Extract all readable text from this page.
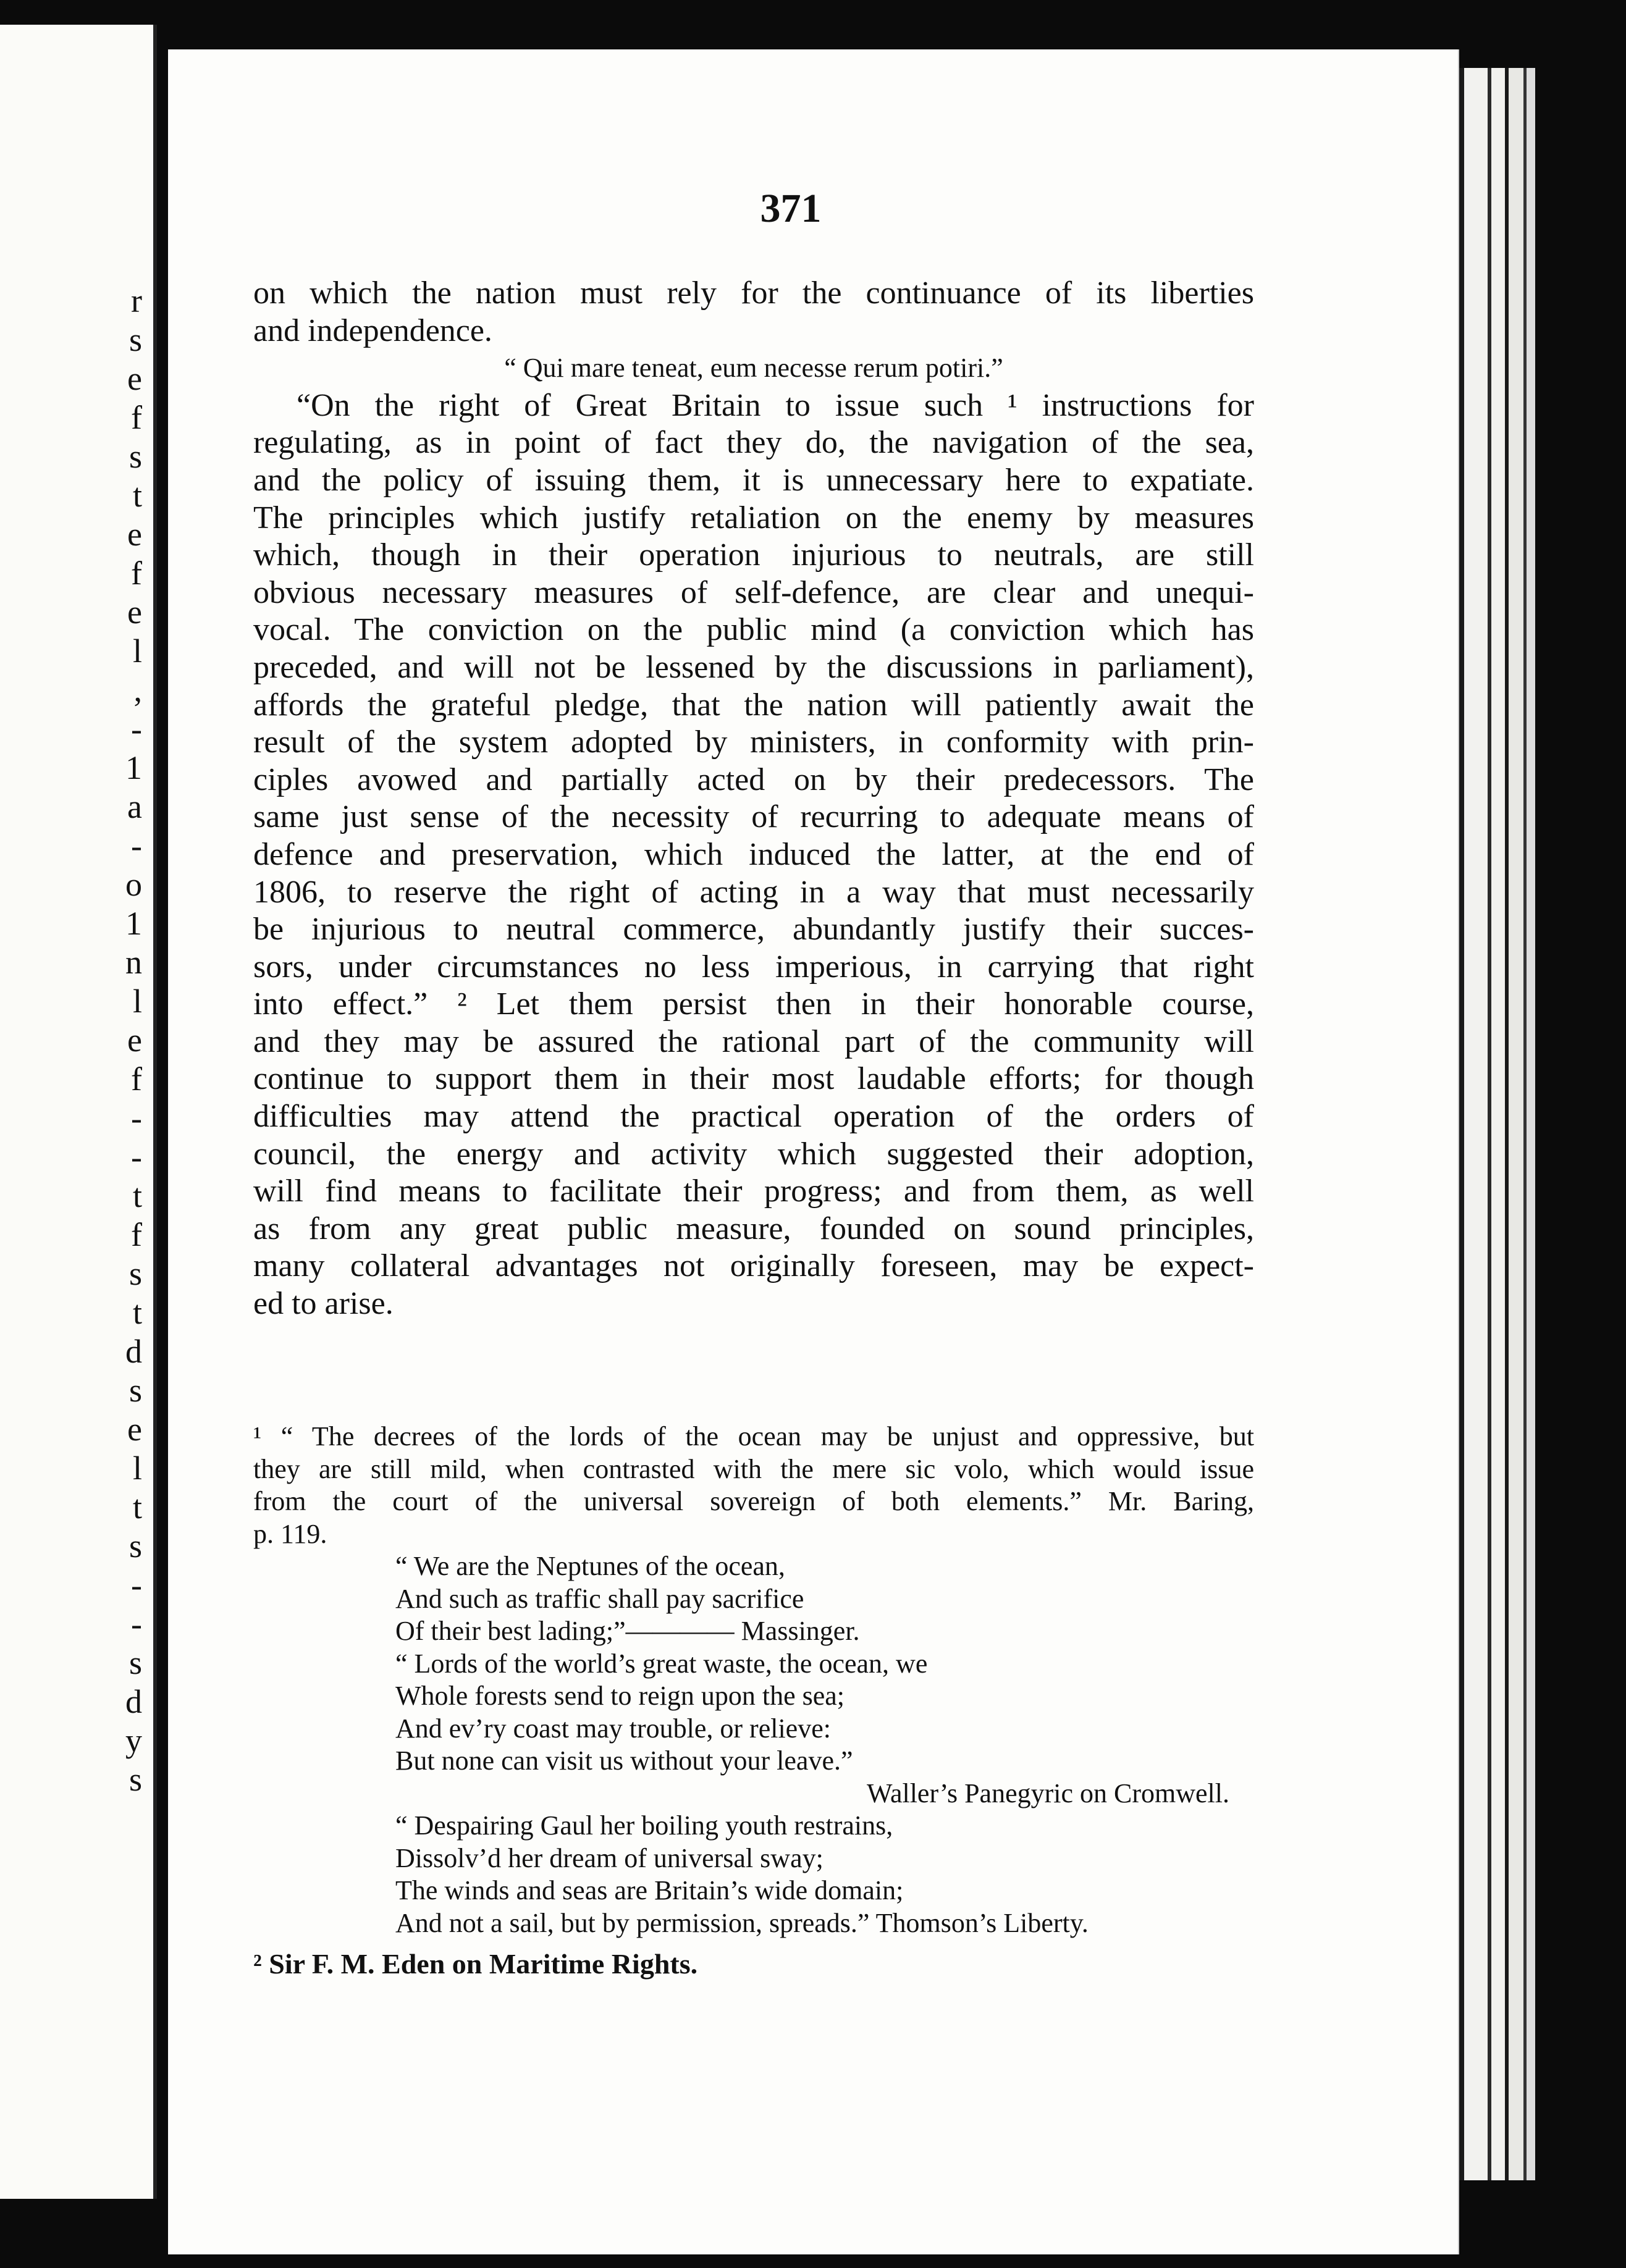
r
s
e
f
s
t
e
f
e
l
,
-
1
a
-
o
1
n
l
e
f
-
-
t
f
s
t
d
s
e
l
t
s
-
-
s
d
y
s
371
on which the nation must rely for the continuance of its liberties
and independence.
“ Qui mare teneat, eum necesse rerum potiri.”
“On the right of Great Britain to issue such ¹ instructions for
regulating, as in point of fact they do, the navigation of the sea,
and the policy of issuing them, it is unnecessary here to expatiate.
The principles which justify retaliation on the enemy by measures
which, though in their operation injurious to neutrals, are still
obvious necessary measures of self-defence, are clear and unequi-
vocal. The conviction on the public mind (a conviction which has
preceded, and will not be lessened by the discussions in parliament),
affords the grateful pledge, that the nation will patiently await the
result of the system adopted by ministers, in conformity with prin-
ciples avowed and partially acted on by their predecessors. The
same just sense of the necessity of recurring to adequate means of
defence and preservation, which induced the latter, at the end of
1806, to reserve the right of acting in a way that must necessarily
be injurious to neutral commerce, abundantly justify their succes-
sors, under circumstances no less imperious, in carrying that right
into effect.” ² Let them persist then in their honorable course,
and they may be assured the rational part of the community will
continue to support them in their most laudable efforts; for though
difficulties may attend the practical operation of the orders of
council, the energy and activity which suggested their adoption,
will find means to facilitate their progress; and from them, as well
as from any great public measure, founded on sound principles,
many collateral advantages not originally foreseen, may be expect-
ed to arise.
¹ “ The decrees of the lords of the ocean may be unjust and oppressive, but
they are still mild, when contrasted with the mere sic volo, which would issue
from the court of the universal sovereign of both elements.” Mr. Baring,
p. 119.
“ We are the Neptunes of the ocean,
And such as traffic shall pay sacrifice
Of their best lading;”———— Massinger.
“ Lords of the world’s great waste, the ocean, we
Whole forests send to reign upon the sea;
And ev’ry coast may trouble, or relieve:
But none can visit us without your leave.”
Waller’s Panegyric on Cromwell.
“ Despairing Gaul her boiling youth restrains,
Dissolv’d her dream of universal sway;
The winds and seas are Britain’s wide domain;
And not a sail, but by permission, spreads.” Thomson’s Liberty.
² Sir F. M. Eden on Maritime Rights.
